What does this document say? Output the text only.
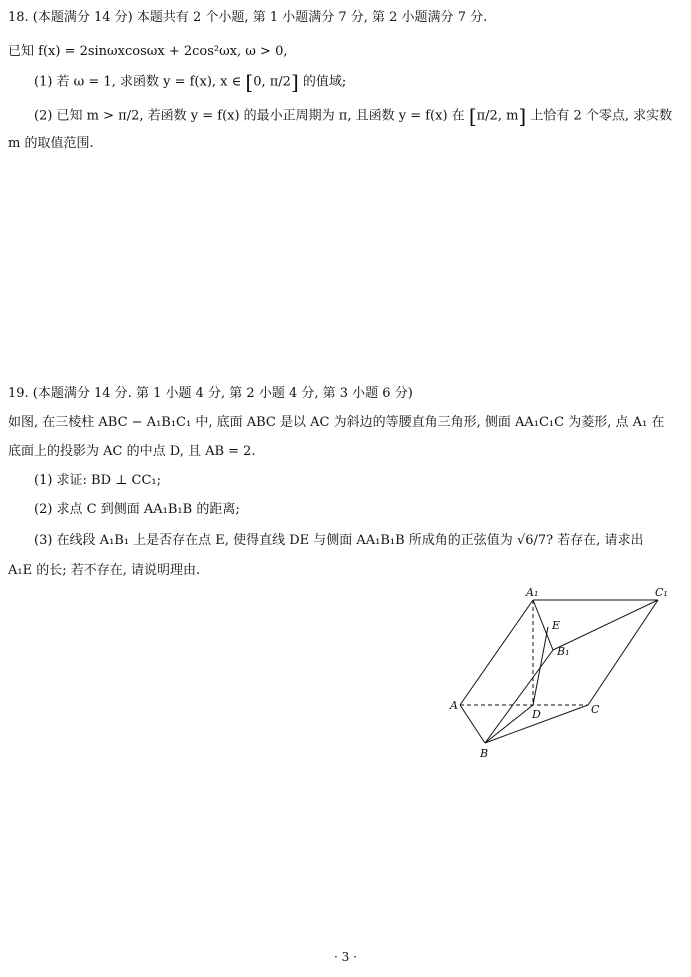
18. (本题满分 14 分) 本题共有 2 个小题, 第 1 小题满分 7 分, 第 2 小题满分 7 分.
已知 f(x) = 2sinωxcosωx + 2cos²ωx, ω > 0,
(1) 若 ω = 1, 求函数 y = f(x), x ∈ [0, π/2] 的值域;
(2) 已知 m > π/2, 若函数 y = f(x) 的最小正周期为 π, 且函数 y = f(x) 在 [π/2, m] 上恰有 2 个零点, 求实数
m 的取值范围.
19. (本题满分 14 分. 第 1 小题 4 分, 第 2 小题 4 分, 第 3 小题 6 分)
如图, 在三棱柱 ABC − A₁B₁C₁ 中, 底面 ABC 是以 AC 为斜边的等腰直角三角形, 侧面 AA₁C₁C 为菱形, 点 A₁ 在
底面上的投影为 AC 的中点 D, 且 AB = 2.
(1) 求证: BD ⊥ CC₁;
(2) 求点 C 到侧面 AA₁B₁B 的距离;
(3) 在线段 A₁B₁ 上是否存在点 E, 使得直线 DE 与侧面 AA₁B₁B 所成角的正弦值为 √6/7? 若存在, 请求出
A₁E 的长; 若不存在, 请说明理由.
A₁	C₁
E
B₁
A
D	C
B
· 3 ·
